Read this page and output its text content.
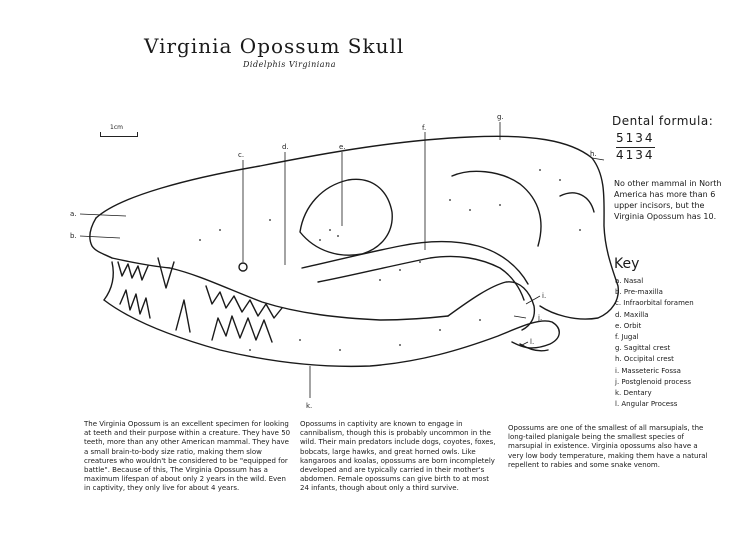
Virginia Opossum Skull
Didelphis Virginiana
1cm
a.
b.
c.
d.	e.
f.
g.
h.
i.
j.
k.
l.
Dental formula:
5134
4134
No other mammal in North America has more than 6 upper incisors, but the Virginia Opossum has 10.
Key
a. Nasal
b. Pre-maxilla
c. Infraorbital foramen
d. Maxilla
e. Orbit
f. Jugal
g. Sagittal crest
h. Occipital crest
i. Masseteric Fossa
j. Postglenoid process
k. Dentary
l. Angular Process
The Virginia Opossum is an excellent specimen for looking at teeth and their purpose within a creature. They have 50 teeth, more than any other American mammal. They have a small brain-to-body size ratio, making them slow creatures who wouldn't be considered to be "equipped for battle". Because of this, The Virginia Opossum has a maximum lifespan of about only 2 years in the wild. Even in captivity, they only live for about 4 years.
Opossums in captivity are known to engage in cannibalism, though this is probably uncommon in the wild. Their main predators include dogs, coyotes, foxes, bobcats, large hawks, and great horned owls. Like kangaroos and koalas, opossums are born incompletely developed and are typically carried in their mother's abdomen. Female opossums can give birth to at most 24 infants, though about only a third survive.
Opossums are one of the smallest of all marsupials, the long-tailed planigale being the smallest species of marsupial in existence. Virginia opossums also have a very low body temperature, making them have a natural repellent to rabies and some snake venom.
